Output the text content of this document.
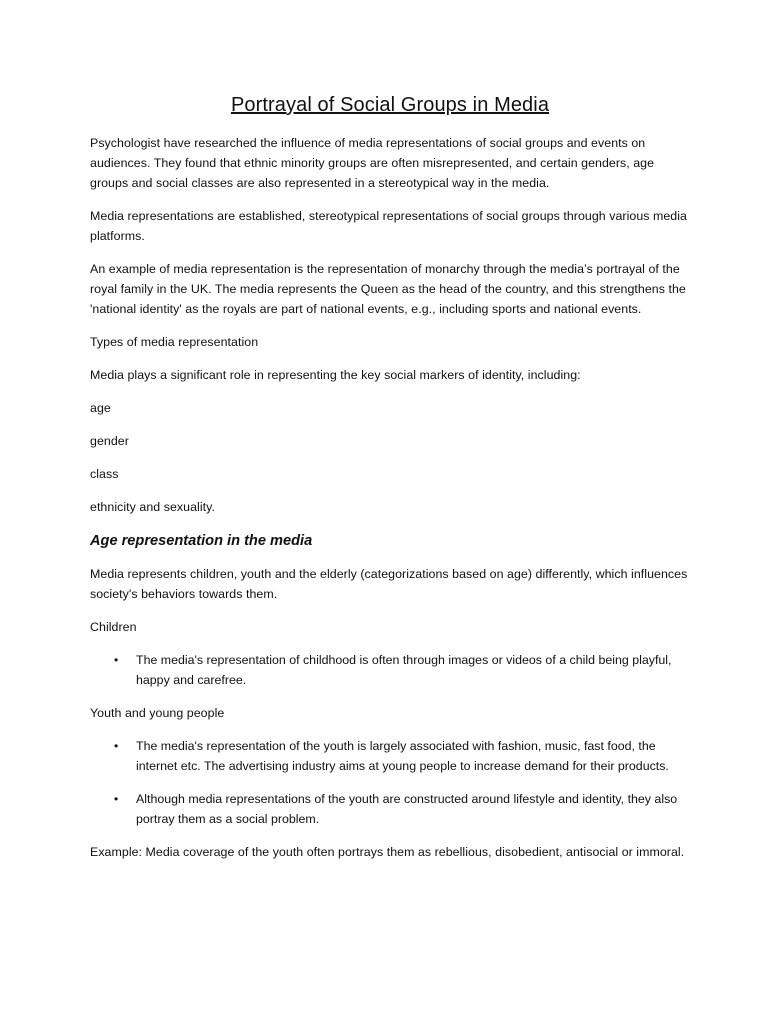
Portrayal of Social Groups in Media

Psychologist have researched the influence of media representations of social groups and events on audiences. They found that ethnic minority groups are often misrepresented, and certain genders, age groups and social classes are also represented in a stereotypical way in the media.

Media representations are established, stereotypical representations of social groups through various media platforms.

An example of media representation is the representation of monarchy through the media’s portrayal of the royal family in the UK. The media represents the Queen as the head of the country, and this strengthens the 'national identity' as the royals are part of national events, e.g., including sports and national events.

Types of media representation

Media plays a significant role in representing the key social markers of identity, including:

age

gender

class

ethnicity and sexuality.

Age representation in the media

Media represents children, youth and the elderly (categorizations based on age) differently, which influences society's behaviors towards them.

Children

• The media's representation of childhood is often through images or videos of a child being playful, happy and carefree.

Youth and young people

• The media's representation of the youth is largely associated with fashion, music, fast food, the internet etc. The advertising industry aims at young people to increase demand for their products.
• Although media representations of the youth are constructed around lifestyle and identity, they also portray them as a social problem.

Example: Media coverage of the youth often portrays them as rebellious, disobedient, antisocial or immoral.
